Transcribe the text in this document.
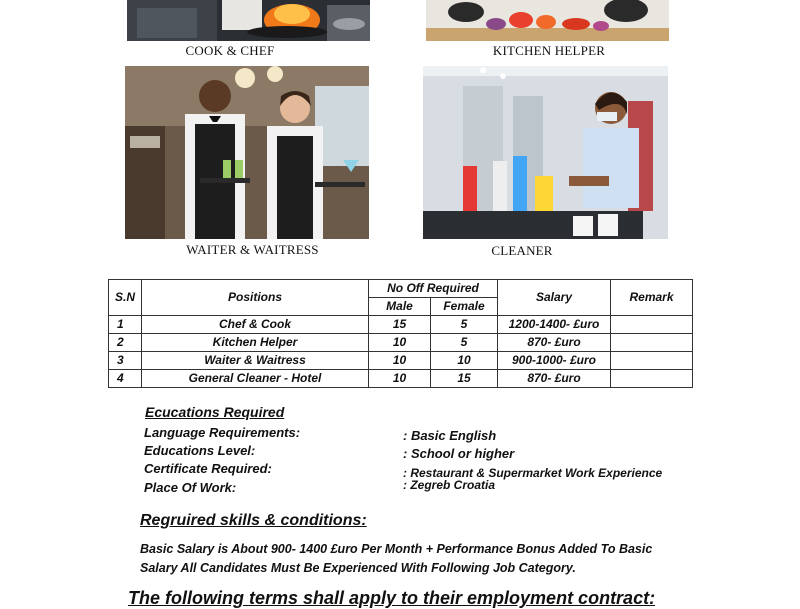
COOK & CHEF	KITCHEN HELPER
WAITER & WAITRESS	CLEANER
S.N	Positions	No Off Required		Salary	Remark
		Male	Female		
1	Chef & Cook	15	5	1200-1400- £uro	
2	Kitchen Helper	10	5	870- £uro	
3	Waiter & Waitress	10	10	900-1000- £uro	
4	General Cleaner - Hotel	10	15	870- £uro	
Ecucations Required
Language Requirements:	: Basic English
Educations Level:	: School or higher
Certificate Required:	: Restaurant & Supermarket Work Experience
Place Of Work:	: Zegreb Croatia
Regruired skills & conditions:
Basic Salary is About 900- 1400 £uro Per Month + Performance Bonus Added To Basic
Salary All Candidates Must Be Experienced With Following Job Category.
The following terms shall apply to their employment contract:
